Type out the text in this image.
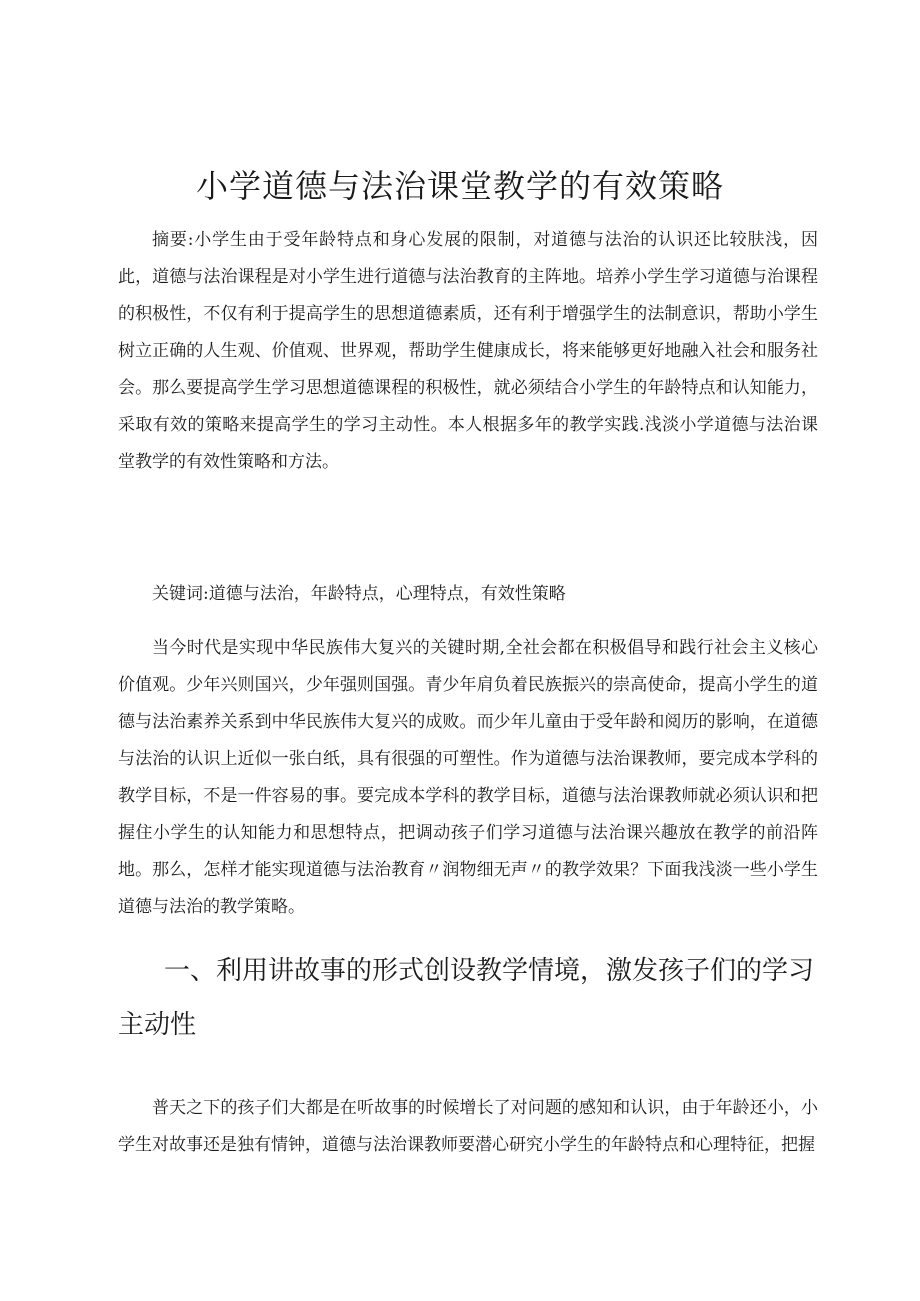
小学道德与法治课堂教学的有效策略

摘要:小学生由于受年龄特点和身心发展的限制，对道德与法治的认识还比较肤浅，因此，道德与法治课程是对小学生进行道德与法治教育的主阵地。培养小学生学习道德与治课程的积极性，不仅有利于提高学生的思想道德素质，还有利于增强学生的法制意识，帮助小学生树立正确的人生观、价值观、世界观，帮助学生健康成长，将来能够更好地融入社会和服务社会。那么要提高学生学习思想道德课程的积极性，就必须结合小学生的年龄特点和认知能力，采取有效的策略来提高学生的学习主动性。本人根据多年的教学实践.浅淡小学道德与法治课堂教学的有效性策略和方法。

关键词:道德与法治，年龄特点，心理特点，有效性策略

当今时代是实现中华民族伟大复兴的关键时期,全社会都在积极倡导和践行社会主义核心价值观。少年兴则国兴，少年强则国强。青少年肩负着民族振兴的崇高使命，提高小学生的道德与法治素养关系到中华民族伟大复兴的成败。而少年儿童由于受年龄和阅历的影响，在道德与法治的认识上近似一张白纸，具有很强的可塑性。作为道德与法治课教师，要完成本学科的教学目标，不是一件容易的事。要完成本学科的教学目标，道德与法治课教师就必须认识和把握住小学生的认知能力和思想特点，把调动孩子们学习道德与法治课兴趣放在教学的前沿阵地。那么，怎样才能实现道德与法治教育〃润物细无声〃的教学效果？下面我浅淡一些小学生道德与法治的教学策略。

一、利用讲故事的形式创设教学情境，激发孩子们的学习主动性

普天之下的孩子们大都是在听故事的时候增长了对问题的感知和认识，由于年龄还小，小学生对故事还是独有情钟，道德与法治课教师要潜心研究小学生的年龄特点和心理特征，把握
